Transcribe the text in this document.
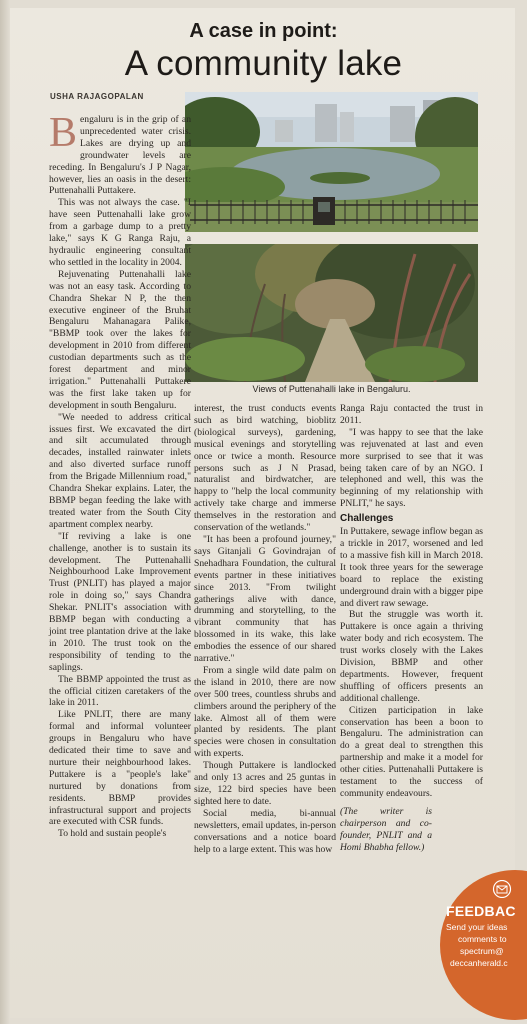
A case in point:
A community lake
USHA RAJAGOPALAN
Views of Puttenahalli lake in Bengaluru.

Bengaluru is in the grip of an unprecedented water crisis. Lakes are drying up and groundwater levels are receding. In Bengaluru's J P Nagar, however, lies an oasis in the desert: Puttenahalli Puttakere.

This was not always the case. "I have seen Puttenahalli lake grow from a garbage dump to a pretty lake," says K G Ranga Raju, a hydraulic engineering consultant who settled in the locality in 2004.

Rejuvenating Puttenahalli lake was not an easy task. According to Chandra Shekar N P, the then executive engineer of the Bruhat Bengaluru Mahanagara Palike, "BBMP took over the lakes for development in 2010 from different custodian departments such as the forest department and minor irrigation." Puttenahalli Puttakere was the first lake taken up for development in south Bengaluru.

"We needed to address critical issues first. We excavated the dirt and silt accumulated through decades, installed rainwater inlets and also diverted surface runoff from the Brigade Millennium road," Chandra Shekar explains. Later, the BBMP began feeding the lake with treated water from the South City apartment complex nearby.

"If reviving a lake is one challenge, another is to sustain its development. The Puttenahalli Neighbourhood Lake Improvement Trust (PNLIT) has played a major role in doing so," says Chandra Shekar. PNLIT's association with BBMP began with conducting a joint tree plantation drive at the lake in 2010. The trust took on the responsibility of tending to the saplings.

The BBMP appointed the trust as the official citizen caretakers of the lake in 2011.

Like PNLIT, there are many formal and informal volunteer groups in Bengaluru who have dedicated their time to save and nurture their neighbourhood lakes. Puttakere is a "people's lake" nurtured by donations from residents. BBMP provides infrastructural support and projects are executed with CSR funds.

To hold and sustain people's

interest, the trust conducts events such as bird watching, bioblitz (biological surveys), gardening, musical evenings and storytelling once or twice a month. Resource persons such as J N Prasad, naturalist and birdwatcher, are happy to "help the local community actively take charge and immerse themselves in the restoration and conservation of the wetlands."

"It has been a profound journey," says Gitanjali G Govindrajan of Snehadhara Foundation, the cultural events partner in these initiatives since 2013. "From twilight gatherings alive with dance, drumming and storytelling, to the vibrant community that has blossomed in its wake, this lake embodies the essence of our shared narrative."

From a single wild date palm on the island in 2010, there are now over 500 trees, countless shrubs and climbers around the periphery of the lake. Almost all of them were planted by residents. The plant species were chosen in consultation with experts.

Though Puttakere is landlocked and only 13 acres and 25 guntas in size, 122 bird species have been sighted here to date.

Social media, bi-annual newsletters, email updates, in-person conversations and a notice board help to a large extent. This was how

Ranga Raju contacted the trust in 2011.

"I was happy to see that the lake was rejuvenated at last and even more surprised to see that it was being taken care of by an NGO. I telephoned and well, this was the beginning of my relationship with PNLIT," he says.

Challenges

In Puttakere, sewage inflow began as a trickle in 2017, worsened and led to a massive fish kill in March 2018. It took three years for the sewerage board to replace the existing underground drain with a bigger pipe and divert raw sewage.

But the struggle was worth it. Puttakere is once again a thriving water body and rich ecosystem. The trust works closely with the Lakes Division, BBMP and other departments. However, frequent shuffling of officers presents an additional challenge.

Citizen participation in lake conservation has been a boon to Bengaluru. The administration can do a great deal to strengthen this partnership and make it a model for other cities. Puttenahalli Puttakere is testament to the success of community endeavours.

(The writer is chairperson and co-founder, PNLIT and a Homi Bhabha fellow.)

FEEDBAC
Send your ideas
comments to
spectrum@
deccanherald.c
